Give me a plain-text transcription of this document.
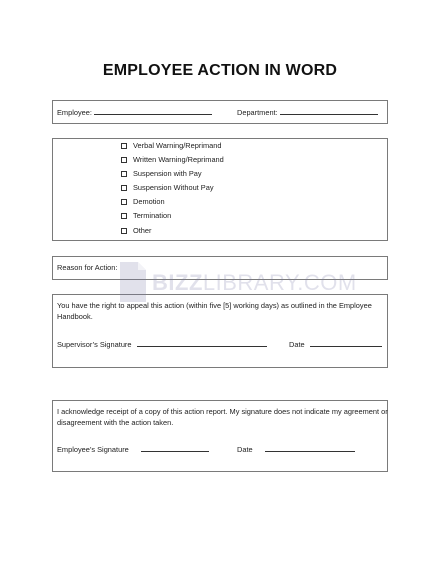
EMPLOYEE ACTION IN WORD
Employee:	Department:
Verbal Warning/Reprimand
Written Warning/Reprimand
Suspension with Pay
Suspension Without Pay
Demotion
Termination
Other
Reason for Action:
You have the right to appeal this action (within five [5] working days) as outlined in the Employee
Handbook.
Supervisor’s Signature	Date
I acknowledge receipt of a copy of this action report. My signature does not indicate my agreement or
disagreement with the action taken.
Employee’s Signature	Date
BIZZLIBRARY.COM
